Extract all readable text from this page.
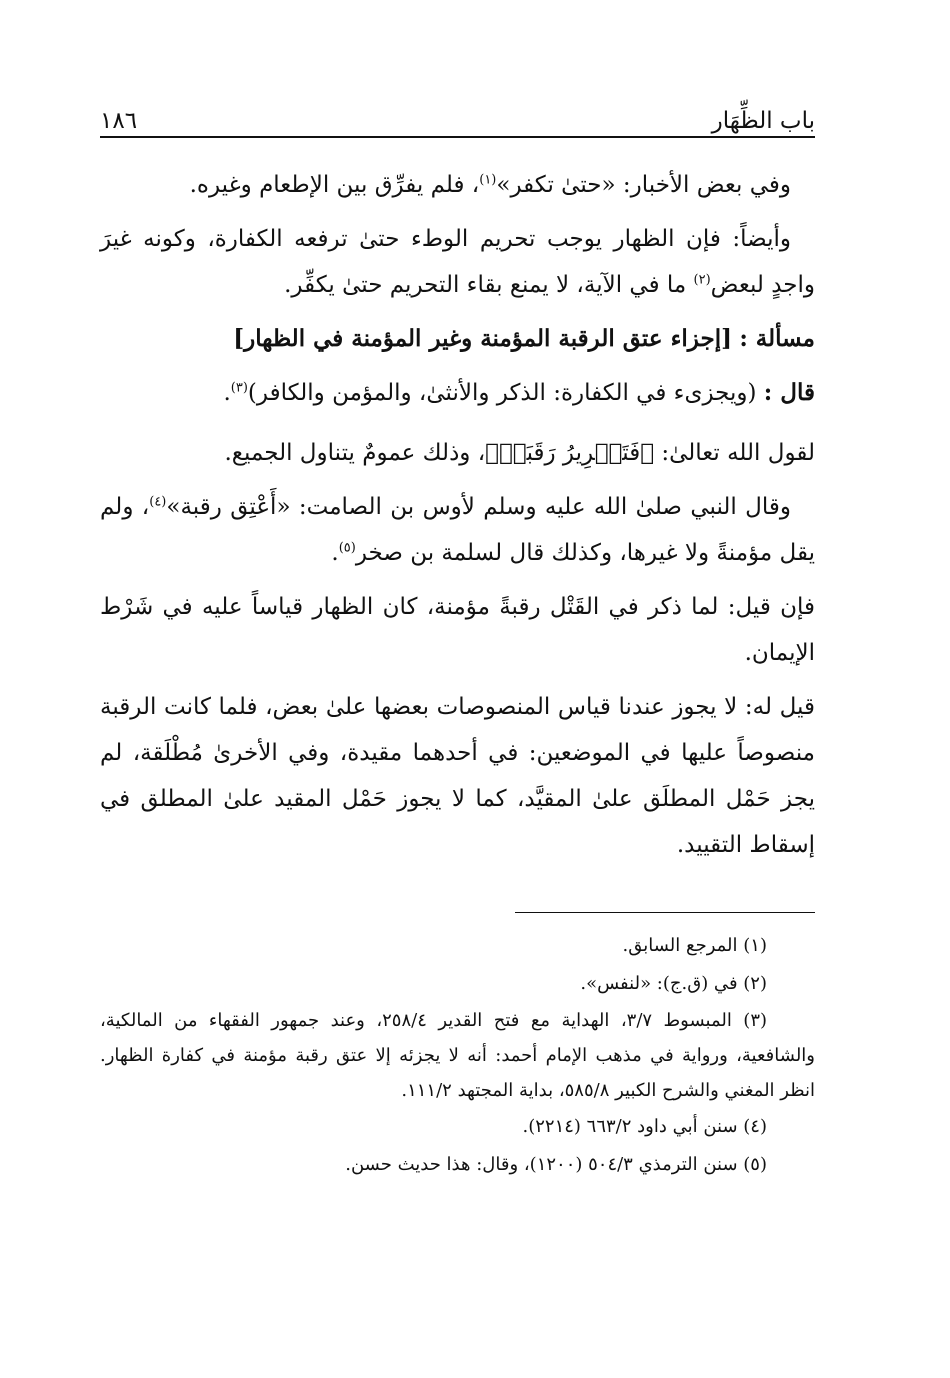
باب الظِّهَار
١٨٦

وفي بعض الأخبار: «حتىٰ تكفر»$^{(١)}$، فلم يفرِّق بين الإطعام وغيره.

وأيضاً: فإن الظهار يوجب تحريم الوطء حتىٰ ترفعه الكفارة، وكونه غيرَ واجدٍ لبعض$^{(٢)}$ ما في الآية، لا يمنع بقاء التحريم حتىٰ يكفِّر.

مسألة : [إجزاء عتق الرقبة المؤمنة وغير المؤمنة في الظهار]

قال : (ويجزىء في الكفارة: الذكر والأنثىٰ، والمؤمن والكافر)$^{(٣)}$.

لقول الله تعالىٰ: ﴿فَتَحۡرِيرُ رَقَبَةٖ﴾، وذلك عمومٌ يتناول الجميع.

وقال النبي صلىٰ الله عليه وسلم لأوس بن الصامت: «أَعْتِق رقبة»$^{(٤)}$، ولم يقل مؤمنةً ولا غيرها، وكذلك قال لسلمة بن صخر$^{(٥)}$.

فإن قيل: لما ذكر في القَتْل رقبةً مؤمنة، كان الظهار قياساً عليه في شَرْط الإيمان.

قيل له: لا يجوز عندنا قياس المنصوصات بعضها علىٰ بعض، فلما كانت الرقبة منصوصاً عليها في الموضعين: في أحدهما مقيدة، وفي الأخرىٰ مُطْلَقة، لم يجز حَمْل المطلَق علىٰ المقيَّد، كما لا يجوز حَمْل المقيد علىٰ المطلق في إسقاط التقييد.

(١) المرجع السابق.

(٢) في (ق.ج): «لنفس».

(٣) المبسوط ٣/٧، الهداية مع فتح القدير ٢٥٨/٤، وعند جمهور الفقهاء من المالكية، والشافعية، ورواية في مذهب الإمام أحمد: أنه لا يجزئه إلا عتق رقبة مؤمنة في كفارة الظهار. انظر المغني والشرح الكبير ٥٨٥/٨، بداية المجتهد ١١١/٢.

(٤) سنن أبي داود ٦٦٣/٢ (٢٢١٤).

(٥) سنن الترمذي ٥٠٤/٣ (١٢٠٠)، وقال: هذا حديث حسن.
